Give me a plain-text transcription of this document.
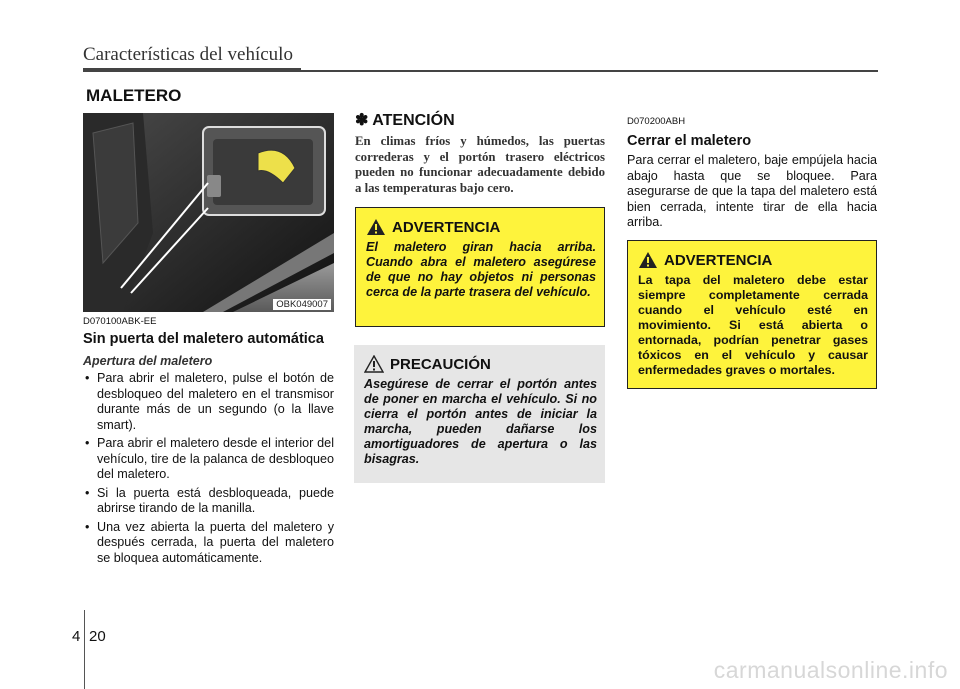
Características del vehículo
MALETERO
OBK049007
D070100ABK-EE
Sin puerta del maletero automática
Apertura del maletero
• Para abrir el maletero, pulse el botón de desbloqueo del maletero en el transmisor durante más de un segundo (o la llave smart).
• Para abrir el maletero desde el interior del vehículo, tire de la palanca de desbloqueo del maletero.
• Si la puerta está desbloqueada, puede abrirse tirando de la manilla.
• Una vez abierta la puerta del maletero y después cerrada, la puerta del maletero se bloquea automáticamente.
✽ ATENCIÓN
En climas fríos y húmedos, las puertas correderas y el portón trasero eléctricos pueden no funcionar adecuadamente debido a las temperaturas bajo cero.
ADVERTENCIA
El maletero giran hacia arriba. Cuando abra el maletero asegúrese de que no hay objetos ni personas cerca de la parte trasera del vehículo.
PRECAUCIÓN
Asegúrese de cerrar el portón antes de poner en marcha el vehículo. Si no cierra el portón antes de iniciar la marcha, pueden dañarse los amortiguadores de apertura o las bisagras.
D070200ABH
Cerrar el maletero
Para cerrar el maletero, baje empújela hacia abajo hasta que se bloquee. Para asegurarse de que la tapa del maletero está bien cerrada, intente tirar de ella hacia arriba.
ADVERTENCIA
La tapa del maletero debe estar siempre completamente cerrada cuando el vehículo esté en movimiento. Si está abierta o entornada, podrían penetrar gases tóxicos en el vehículo y causar enfermedades graves o mortales.
4 20
carmanualsonline.info
